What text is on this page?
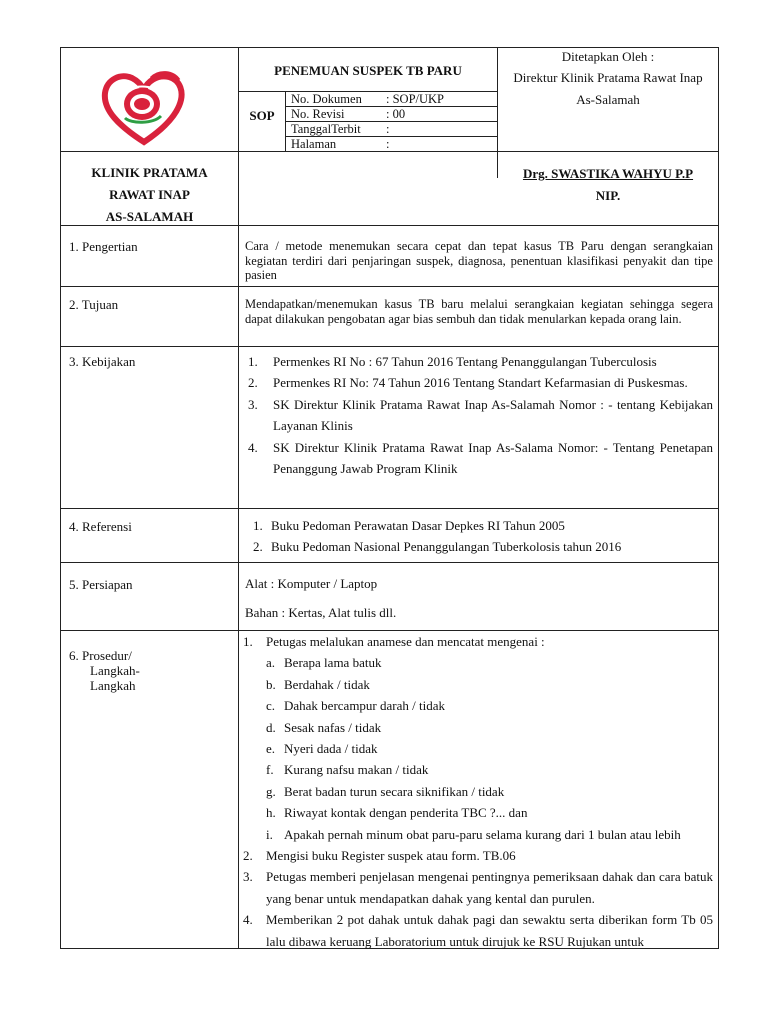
PENEMUAN SUSPEK TB PARU
SOP
No. Dokumen : SOP/UKP
No. Revisi	: 00
TanggalTerbit :
Halaman	:
Ditetapkan Oleh :
Direktur Klinik Pratama Rawat Inap
As-Salamah
KLINIK PRATAMA
RAWAT INAP
AS-SALAMAH
Drg. SWASTIKA WAHYU P.P
NIP.
1. Pengertian	Cara / metode menemukan secara cepat dan tepat kasus TB Paru dengan serangkaian kegiatan terdiri dari penjaringan suspek, diagnosa, penentuan klasifikasi penyakit dan tipe pasien
2. Tujuan	Mendapatkan/menemukan kasus TB baru melalui serangkaian kegiatan sehingga segera dapat dilakukan pengobatan agar bias sembuh dan tidak menularkan kepada orang lain.
3. Kebijakan	1. Permenkes RI No : 67 Tahun 2016 Tentang Penanggulangan Tuberculosis
2. Permenkes RI No: 74 Tahun 2016 Tentang Standart Kefarmasian di Puskesmas.
3. SK Direktur Klinik Pratama Rawat Inap As-Salamah Nomor : - tentang Kebijakan Layanan Klinis
4. SK Direktur Klinik Pratama Rawat Inap As-Salama Nomor: - Tentang Penetapan Penanggung Jawab Program Klinik
4. Referensi	1. Buku Pedoman Perawatan Dasar Depkes RI Tahun 2005
2. Buku Pedoman Nasional Penanggulangan Tuberkolosis tahun 2016
5. Persiapan	Alat : Komputer / Laptop
Bahan : Kertas, Alat tulis dll.
6. Prosedur/
Langkah-
Langkah
1. Petugas melalukan anamese dan mencatat mengenai :
a. Berapa lama batuk
b. Berdahak / tidak
c. Dahak bercampur darah / tidak
d. Sesak nafas / tidak
e. Nyeri dada / tidak
f. Kurang nafsu makan / tidak
g. Berat badan turun secara siknifikan / tidak
h. Riwayat kontak dengan penderita TBC ?... dan
i. Apakah pernah minum obat paru-paru selama kurang dari 1 bulan atau lebih
2. Mengisi buku Register suspek atau form. TB.06
3. Petugas memberi penjelasan mengenai pentingnya pemeriksaan dahak dan cara batuk yang benar untuk mendapatkan dahak yang kental dan purulen.
4. Memberikan 2 pot dahak untuk dahak pagi dan sewaktu serta diberikan form Tb 05 lalu dibawa keruang Laboratorium untuk dirujuk ke RSU Rujukan untuk
